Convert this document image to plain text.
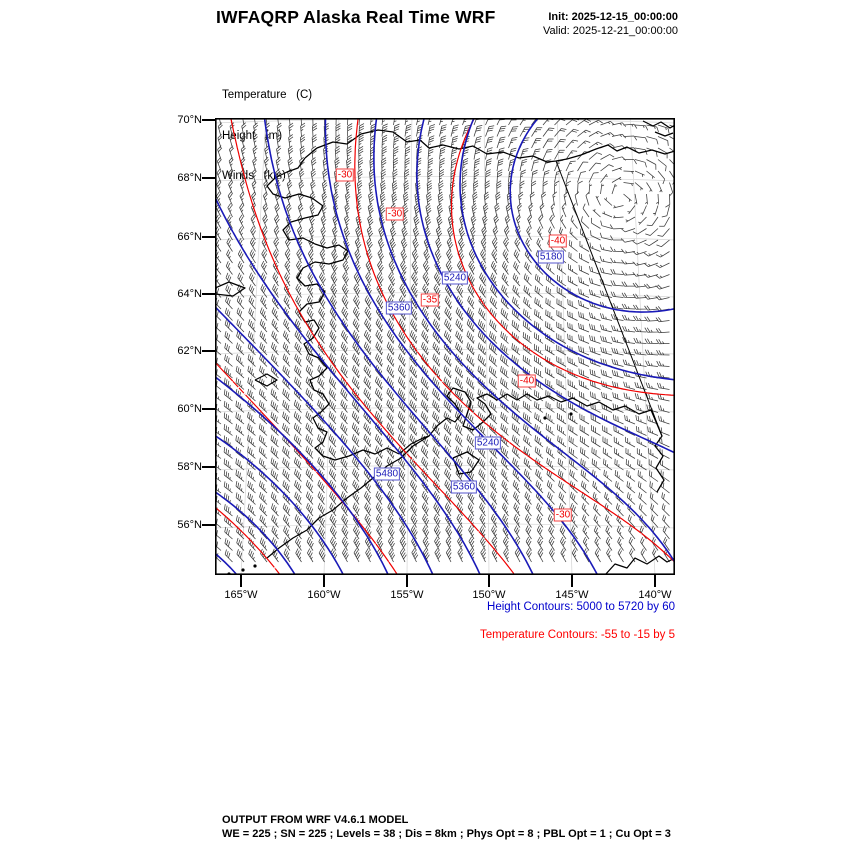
IWFAQRP Alaska Real Time WRF	Init: 2025-12-15_00:00:00
Valid: 2025-12-21_00:00:00

Temperature   (C)

Height   (m)

Winds   (kts)

5240
5180
5360
5480
5360
5240
-30
-30
-35
-40
-40
-30
70°N
68°N
66°N
64°N
62°N
60°N
58°N
56°N
165°W	160°W	155°W	150°W	145°W	140°W
Height Contours: 5000 to 5720 by 60
Temperature Contours: -55 to -15 by 5
OUTPUT FROM WRF V4.6.1 MODEL
WE = 225 ; SN = 225 ; Levels = 38 ; Dis = 8km ; Phys Opt = 8 ; PBL Opt = 1 ; Cu Opt = 3
